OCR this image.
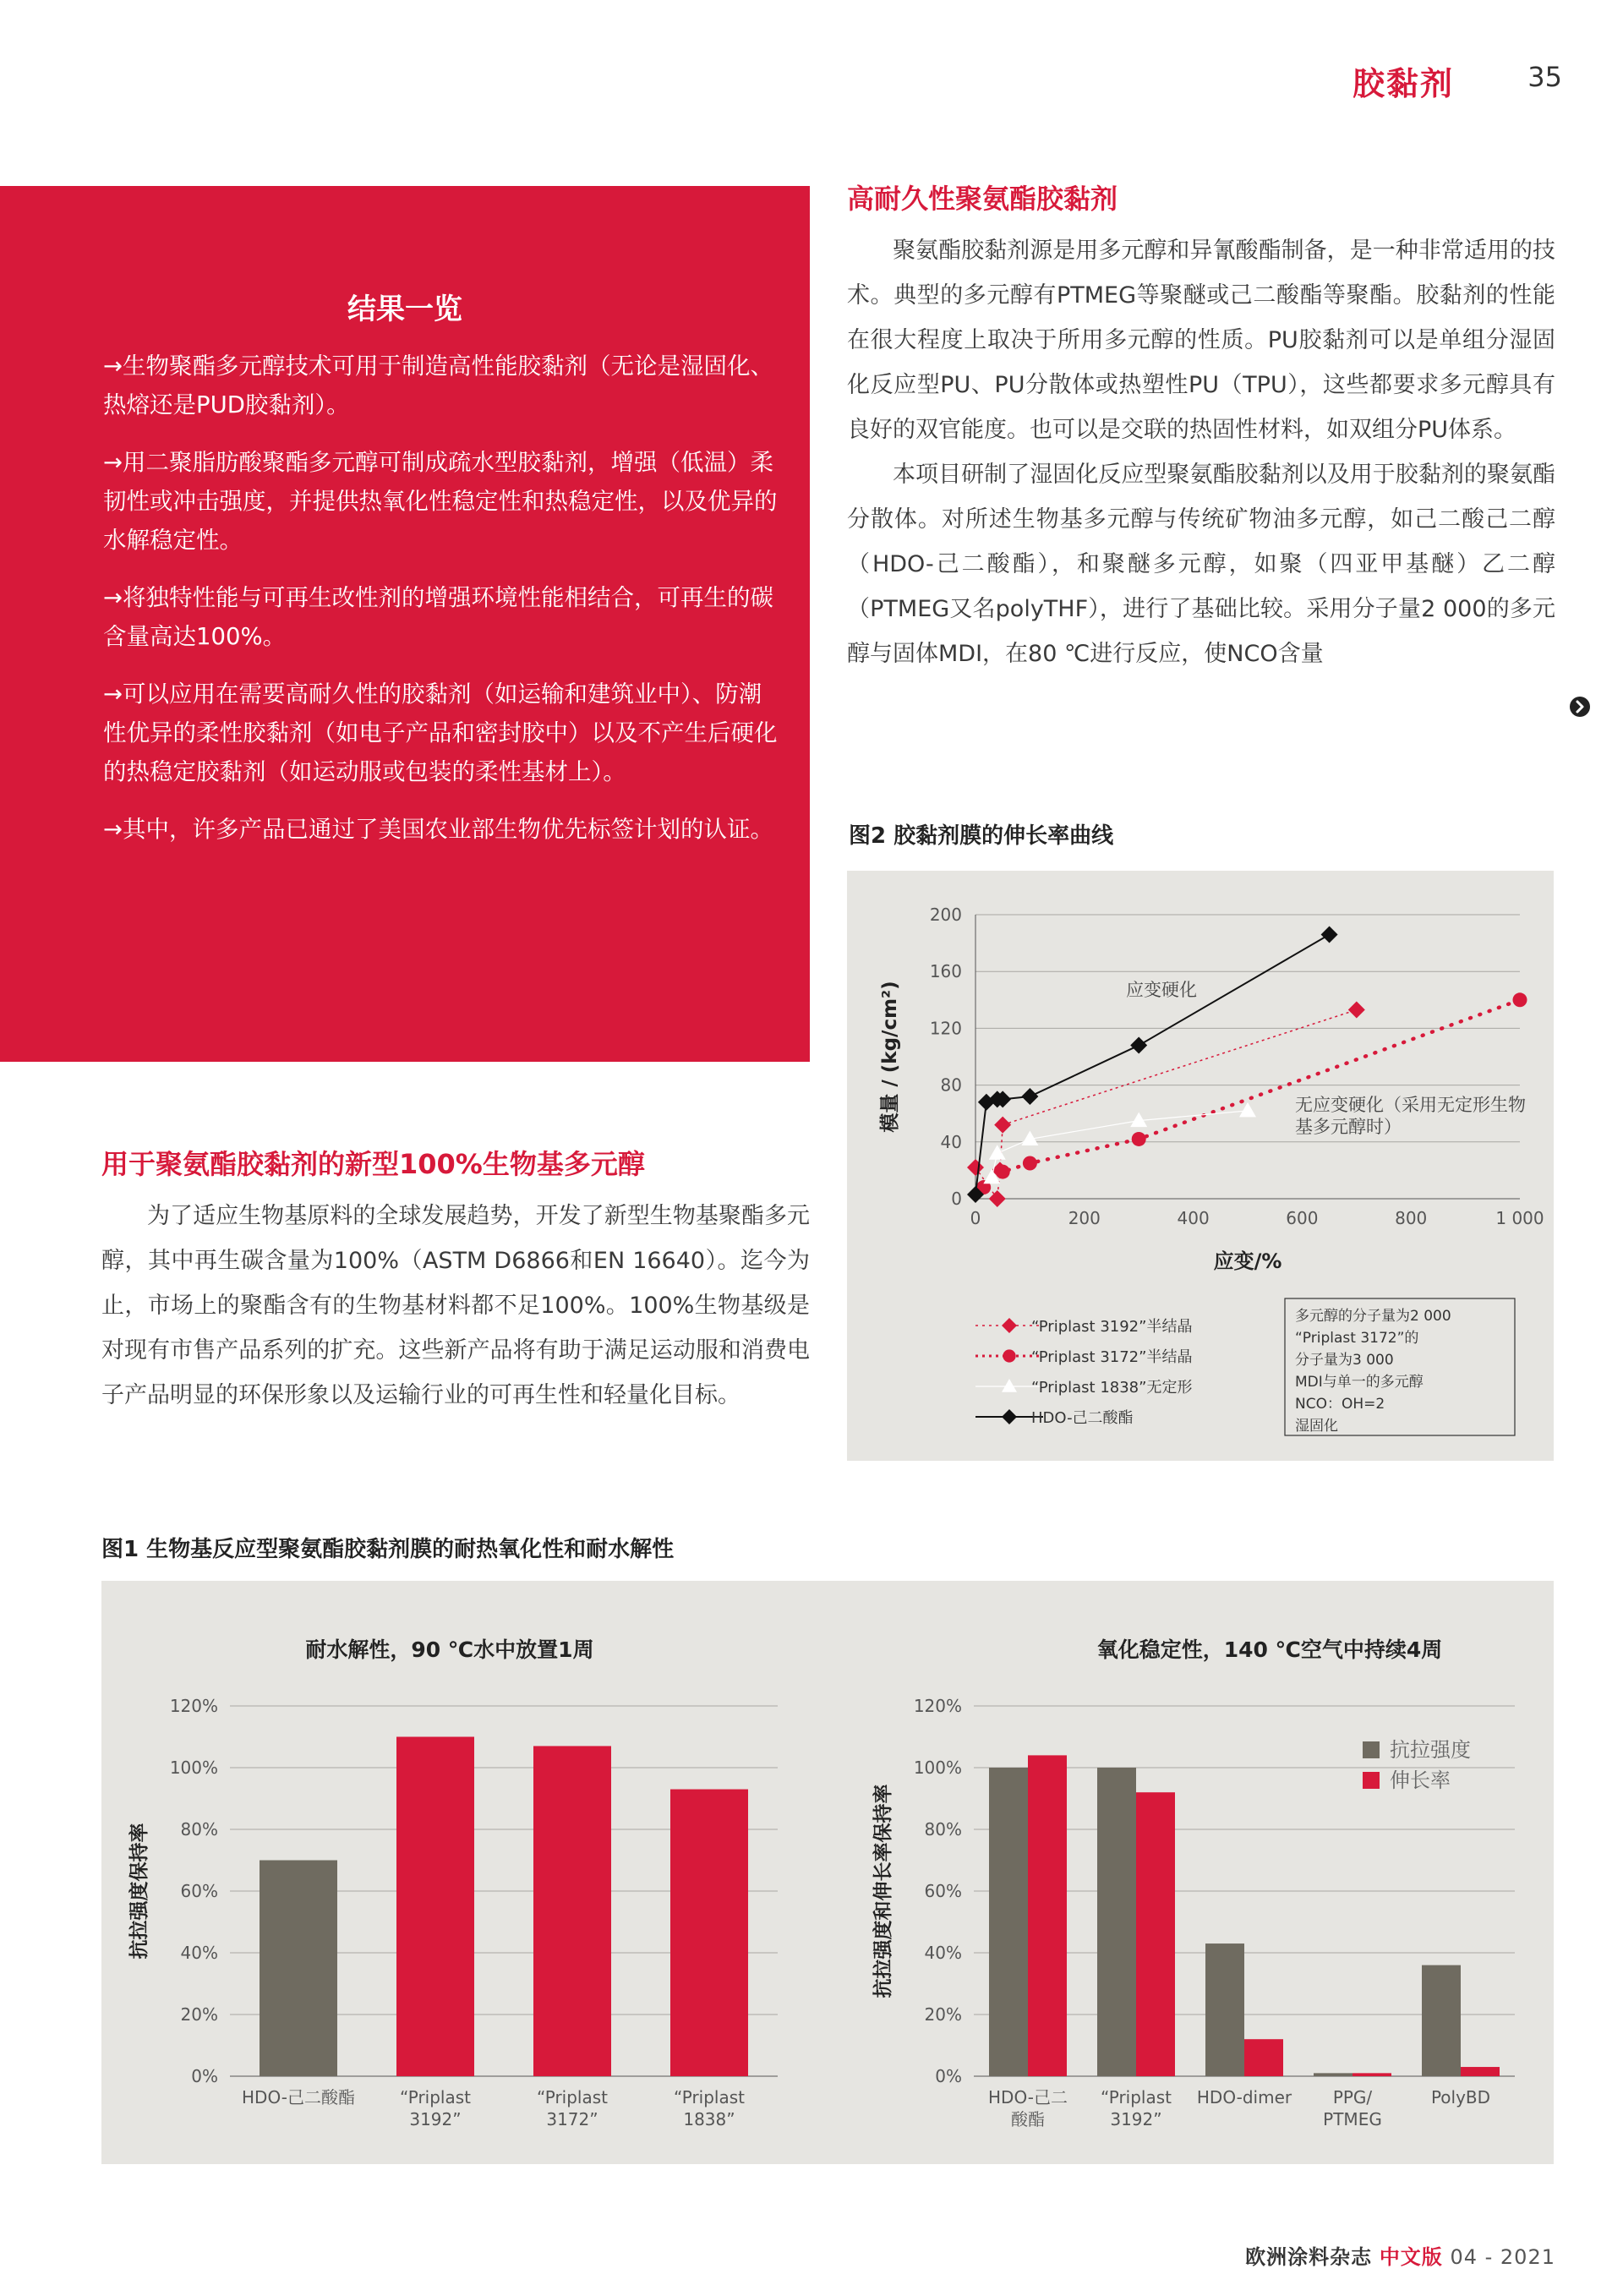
胶黏剂	35
结果一览
→生物聚酯多元醇技术可用于制造高性能胶黏剂（无论是湿固化、热熔还是PUD胶黏剂）。
→用二聚脂肪酸聚酯多元醇可制成疏水型胶黏剂，增强（低温）柔韧性或冲击强度，并提供热氧化性稳定性和热稳定性，以及优异的水解稳定性。
→将独特性能与可再生改性剂的增强环境性能相结合，可再生的碳含量高达100%。
→可以应用在需要高耐久性的胶黏剂（如运输和建筑业中）、防潮性优异的柔性胶黏剂（如电子产品和密封胶中）以及不产生后硬化的热稳定胶黏剂（如运动服或包装的柔性基材上）。
→其中，许多产品已通过了美国农业部生物优先标签计划的认证。
高耐久性聚氨酯胶黏剂

聚氨酯胶黏剂源是用多元醇和异氰酸酯制备，是一种非常适用的技术。典型的多元醇有PTMEG等聚醚或己二酸酯等聚酯。胶黏剂的性能在很大程度上取决于所用多元醇的性质。PU胶黏剂可以是单组分湿固化反应型PU、PU分散体或热塑性PU（TPU），这些都要求多元醇具有良好的双官能度。也可以是交联的热固性材料，如双组分PU体系。

本项目研制了湿固化反应型聚氨酯胶黏剂以及用于胶黏剂的聚氨酯分散体。对所述生物基多元醇与传统矿物油多元醇，如己二酸己二醇（HDO-己二酸酯），和聚醚多元醇，如聚（四亚甲基醚）乙二醇（PTMEG又名polyTHF），进行了基础比较。采用分子量2 000的多元醇与固体MDI，在80 ℃进行反应，使NCO含量

用于聚氨酯胶黏剂的新型100%生物基多元醇

为了适应生物基原料的全球发展趋势，开发了新型生物基聚酯多元醇，其中再生碳含量为100%（ASTM D6866和EN 16640）。迄今为止，市场上的聚酯含有的生物基材料都不足100%。100%生物基级是对现有市售产品系列的扩充。这些新产品将有助于满足运动服和消费电子产品明显的环保形象以及运输行业的可再生性和轻量化目标。

图2 胶黏剂膜的伸长率曲线
0
40
80
120
160
200
0	200	400	600	800	1 000
应变/%
模量 / (kg/cm²)	应变硬化
无应变硬化（采用无定形生物基多元醇时）
“Priplast 3192”半结晶
“Priplast 3172”半结晶
“Priplast 1838”无定形
HDO-己二酸酯
多元醇的分子量为2 000 “Priplast 3172”的分子量为3 000 MDI与单一的多元醇 NCO：OH=2 湿固化
图1 生物基反应型聚氨酯胶黏剂膜的耐热氧化性和耐水解性
耐水解性，90 ℃水中放置1周
0%
20%
40%
60%
80%
100%
120%
抗拉强度保持率
HDO-己二酸酯	“Priplast 3192”
“Priplast 3172”
“Priplast 1838”
氧化稳定性，140 ℃空气中持续4周
0%
20%
40%
60%
80%
100%
120%
抗拉强度和伸长率保持率
HDO-己二酸酯
“Priplast 3192”
HDO-dimer	PPG/ PTMEG
PolyBD
抗拉强度
伸长率
欧洲涂料杂志 中文版 04 - 2021
